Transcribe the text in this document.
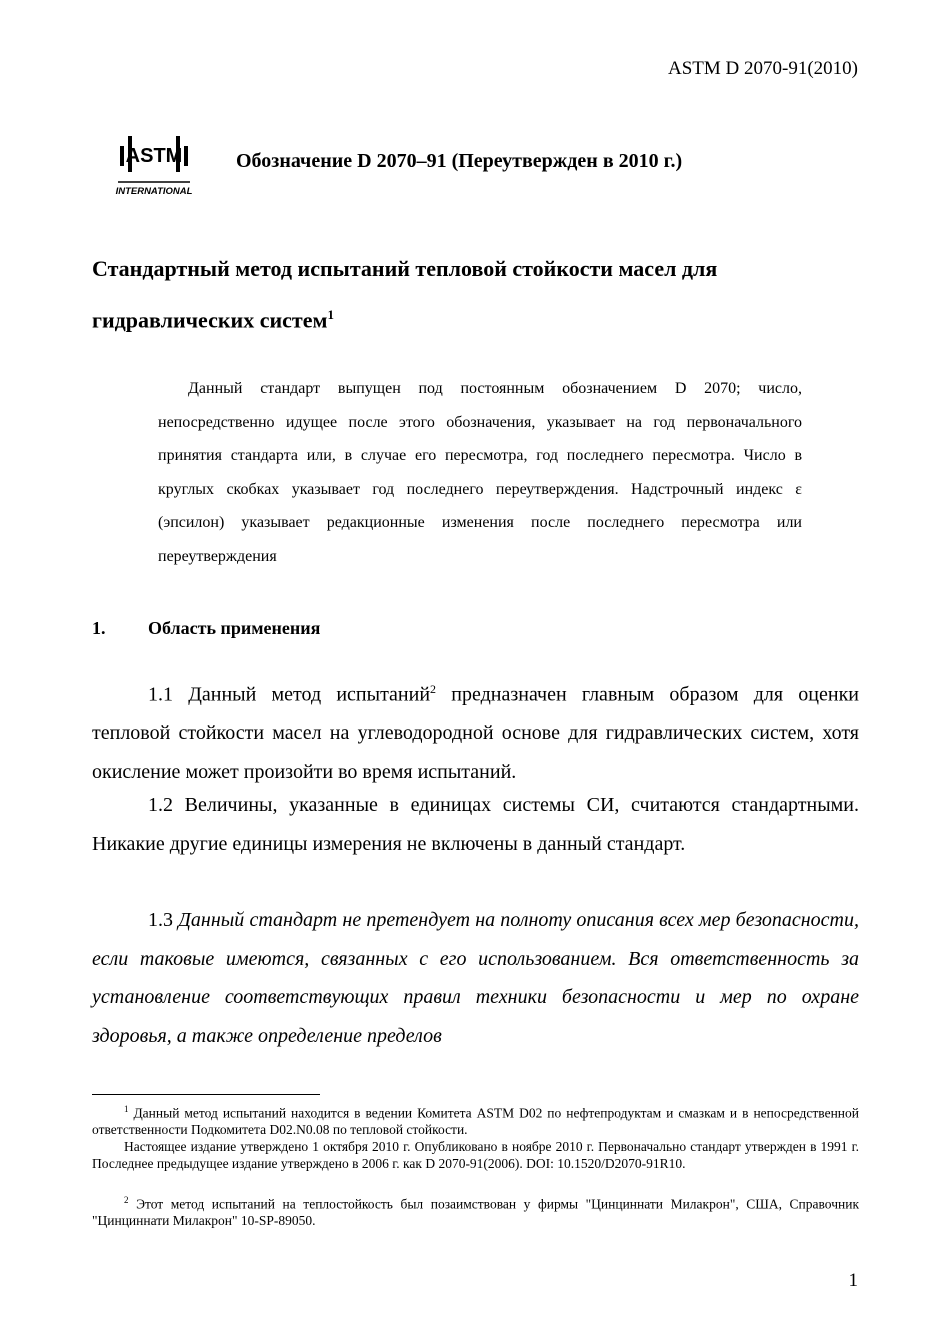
ASTM D 2070-91(2010)
ASTM
INTERNATIONAL
Обозначение D 2070–91 (Переутвержден в 2010 г.)
Стандартный метод испытаний тепловой стойкости масел для гидравлических систем$^1$
Данный стандарт выпущен под постоянным обозначением D 2070; число, непосредственно идущее после этого обозначения, указывает на год первоначального принятия стандарта или, в случае его пересмотра, год последнего пересмотра. Число в круглых скобках указывает год последнего переутверждения. Надстрочный индекс ε (эпсилон) указывает редакционные изменения после последнего пересмотра или переутверждения
1. Область применения
1.1 Данный метод испытаний$^2$ предназначен главным образом для оценки тепловой стойкости масел на углеводородной основе для гидравлических систем, хотя окисление может произойти во время испытаний.
1.2 Величины, указанные в единицах системы СИ, считаются стандартными. Никакие другие единицы измерения не включены в данный стандарт.
1.3 Данный стандарт не претендует на полноту описания всех мер безопасности, если таковые имеются, связанных с его использованием. Вся ответственность за установление соответствующих правил техники безопасности и мер по охране здоровья, а также определение пределов
$^1$ Данный метод испытаний находится в ведении Комитета ASTM D02 по нефтепродуктам и смазкам и в непосредственной ответственности Подкомитета D02.N0.08 по тепловой стойкости.
Настоящее издание утверждено 1 октября 2010 г. Опубликовано в ноябре 2010 г. Первоначально стандарт утвержден в 1991 г. Последнее предыдущее издание утверждено в 2006 г. как D 2070-91(2006). DOI: 10.1520/D2070-91R10.
$^2$ Этот метод испытаний на теплостойкость был позаимствован у фирмы "Цинциннати Милакрон", США, Справочник "Цинциннати Милакрон" 10-SP-89050.
1
